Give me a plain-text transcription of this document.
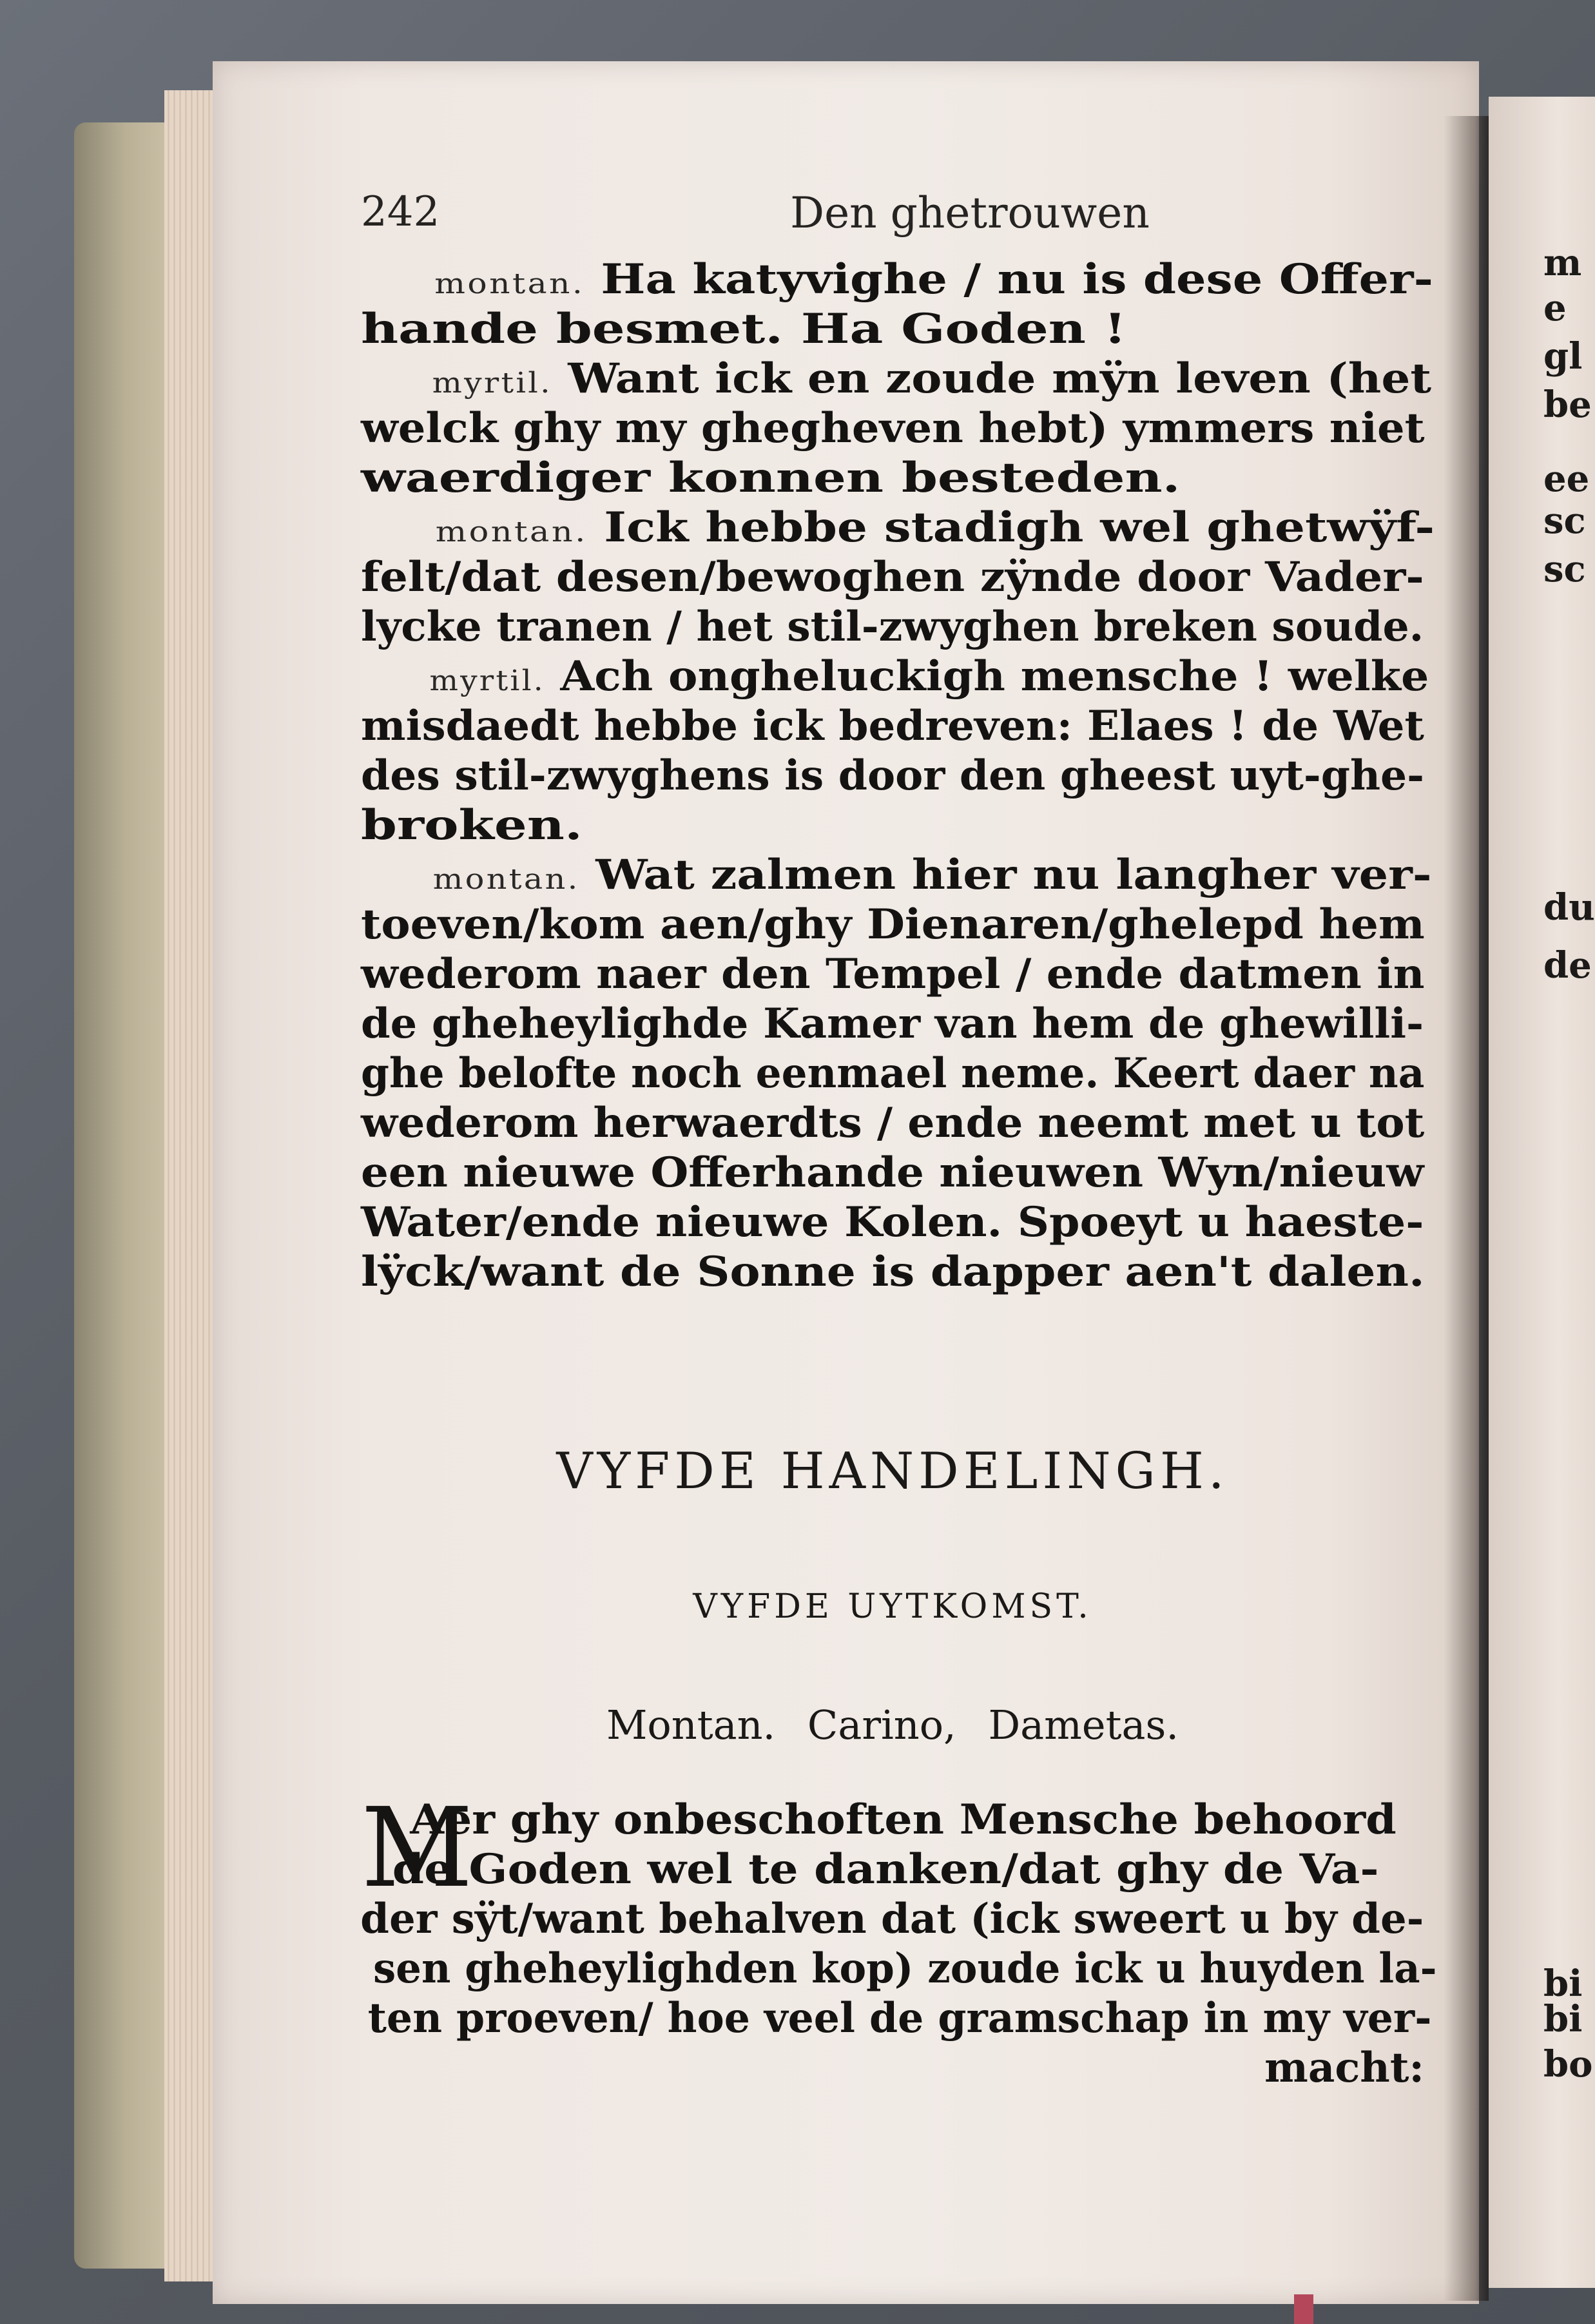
m
e
gl
be
ee
sc
sc
du
de
bi
bi
bo
242	Den ghetrouwen
montan. Ha katyvighe / nu is dese Offer-
hande besmet. Ha Goden !
myrtil. Want ick en zoude mÿn leven (het
welck ghy my ghegheven hebt) ymmers niet
waerdiger konnen besteden.
montan. Ick hebbe stadigh wel ghetwÿf-
felt/dat desen/bewoghen zÿnde door Vader-
lycke tranen / het stil-zwyghen breken soude.
myrtil. Ach ongheluckigh mensche ! welke
misdaedt hebbe ick bedreven: Elaes ! de Wet
des stil-zwyghens is door den gheest uyt-ghe-
broken.
montan. Wat zalmen hier nu langher ver-
toeven/kom aen/ghy Dienaren/ghelepd hem
wederom naer den Tempel / ende datmen in
de gheheylighde Kamer van hem de ghewilli-
ghe belofte noch eenmael neme. Keert daer na
wederom herwaerdts / ende neemt met u tot
een nieuwe Offerhande nieuwen Wyn/nieuw
Water/ende nieuwe Kolen. Spoeyt u haeste-
lÿck/want de Sonne is dapper aen't dalen.
VYFDE HANDELINGH.
VYFDE UYTKOMST.
Montan. Carino, Dametas.
M
Aer ghy onbeschoften Mensche behoord
de Goden wel te danken/dat ghy de Va-
der sÿt/want behalven dat (ick sweert u by de-
sen gheheylighden kop) zoude ick u huyden la-
ten proeven/ hoe veel de gramschap in my ver-
macht:
